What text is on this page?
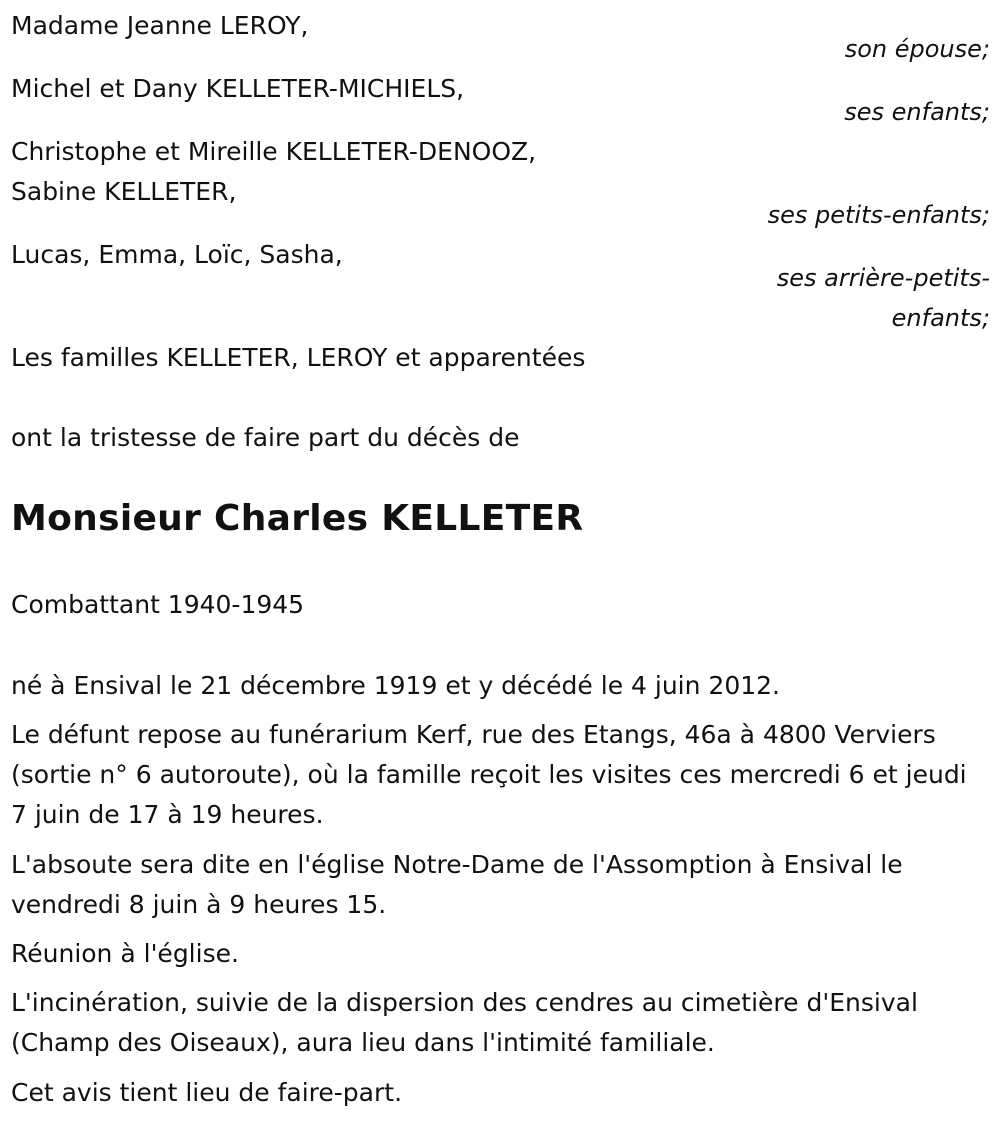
Madame Jeanne LEROY,
son épouse;
Michel et Dany KELLETER-MICHIELS,
ses enfants;
Christophe et Mireille KELLETER-DENOOZ,
Sabine KELLETER,
ses petits-enfants;
Lucas, Emma, Loïc, Sasha,
ses arrière-petits-enfants;
Les familles KELLETER, LEROY et apparentées
ont la tristesse de faire part du décès de
Monsieur Charles KELLETER
Combattant 1940-1945
né à Ensival le 21 décembre 1919 et y décédé le 4 juin 2012.
Le défunt repose au funérarium Kerf, rue des Etangs, 46a à 4800 Verviers (sortie n° 6 autoroute), où la famille reçoit les visites ces mercredi 6 et jeudi 7 juin de 17 à 19 heures.
L'absoute sera dite en l'église Notre-Dame de l'Assomption à Ensival le vendredi 8 juin à 9 heures 15.
Réunion à l'église.
L'incinération, suivie de la dispersion des cendres au cimetière d'Ensival (Champ des Oiseaux), aura lieu dans l'intimité familiale.
Cet avis tient lieu de faire-part.
